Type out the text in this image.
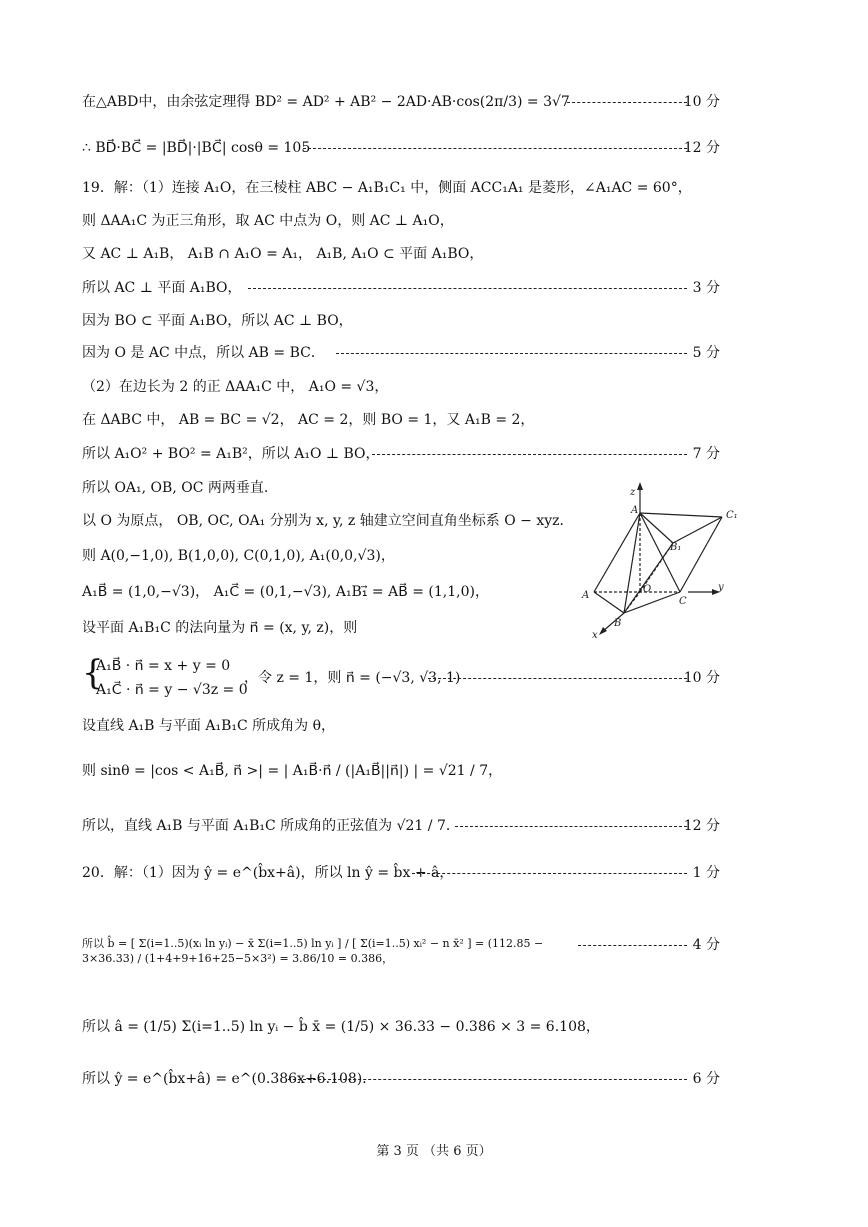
在△ABD中，由余弦定理得 BD² = AD² + AB² − 2AD·AB·cos(2π/3) = 3√7	10 分
∴ BD⃗·BC⃗ = |BD⃗|·|BC⃗| cosθ = 105	12 分
19．解：（1）连接 A₁O，在三棱柱 ABC − A₁B₁C₁ 中，侧面 ACC₁A₁ 是菱形，∠A₁AC = 60°，
则 ΔAA₁C 为正三角形，取 AC 中点为 O，则 AC ⊥ A₁O，
又 AC ⊥ A₁B， A₁B ∩ A₁O = A₁， A₁B, A₁O ⊂ 平面 A₁BO，
所以 AC ⊥ 平面 A₁BO，	3 分
因为 BO ⊂ 平面 A₁BO，所以 AC ⊥ BO，
因为 O 是 AC 中点，所以 AB = BC．	5 分
（2）在边长为 2 的正 ΔAA₁C 中， A₁O = √3，
在 ΔABC 中， AB = BC = √2， AC = 2，则 BO = 1，又 A₁B = 2，
所以 A₁O² + BO² = A₁B²，所以 A₁O ⊥ BO，	7 分
所以 OA₁, OB, OC 两两垂直.
以 O 为原点， OB, OC, OA₁ 分别为 x, y, z 轴建立空间直角坐标系 O − xyz．
则 A(0,−1,0), B(1,0,0), C(0,1,0), A₁(0,0,√3)，
A₁B⃗ = (1,0,−√3)， A₁C⃗ = (0,1,−√3), A₁B₁⃗ = AB⃗ = (1,1,0)，
设平面 A₁B₁C 的法向量为 n⃗ = (x, y, z)，则
{
A₁B⃗ · n⃗ = x + y = 0
A₁C⃗ · n⃗ = y − √3z = 0
，令 z = 1，则 n⃗ = (−√3, √3, 1)	10 分
设直线 A₁B 与平面 A₁B₁C 所成角为 θ，
则 sinθ = |cos < A₁B⃗, n⃗ >| = | A₁B⃗·n⃗ / (|A₁B⃗||n⃗|) | = √21 / 7，
所以，直线 A₁B 与平面 A₁B₁C 所成角的正弦值为 √21 / 7．	12 分
20．解：（1）因为 ŷ = e^(b̂x+â)，所以 ln ŷ = b̂x + â，	1 分
所以 b̂ = [ Σ(i=1..5)(xᵢ ln yᵢ) − x̄ Σ(i=1..5) ln yᵢ ] / [ Σ(i=1..5) xᵢ² − n x̄² ] = (112.85 − 3×36.33) / (1+4+9+16+25−5×3²) = 3.86/10 = 0.386，
4 分
所以 â = (1/5) Σ(i=1..5) ln yᵢ − b̂ x̄ = (1/5) × 36.33 − 0.386 × 3 = 6.108，
所以 ŷ = e^(b̂x+â) = e^(0.386x+6.108)．	6 分
z
y
x
A	C₁
B₁
A
O
C
B
第 3 页 （共 6 页）
